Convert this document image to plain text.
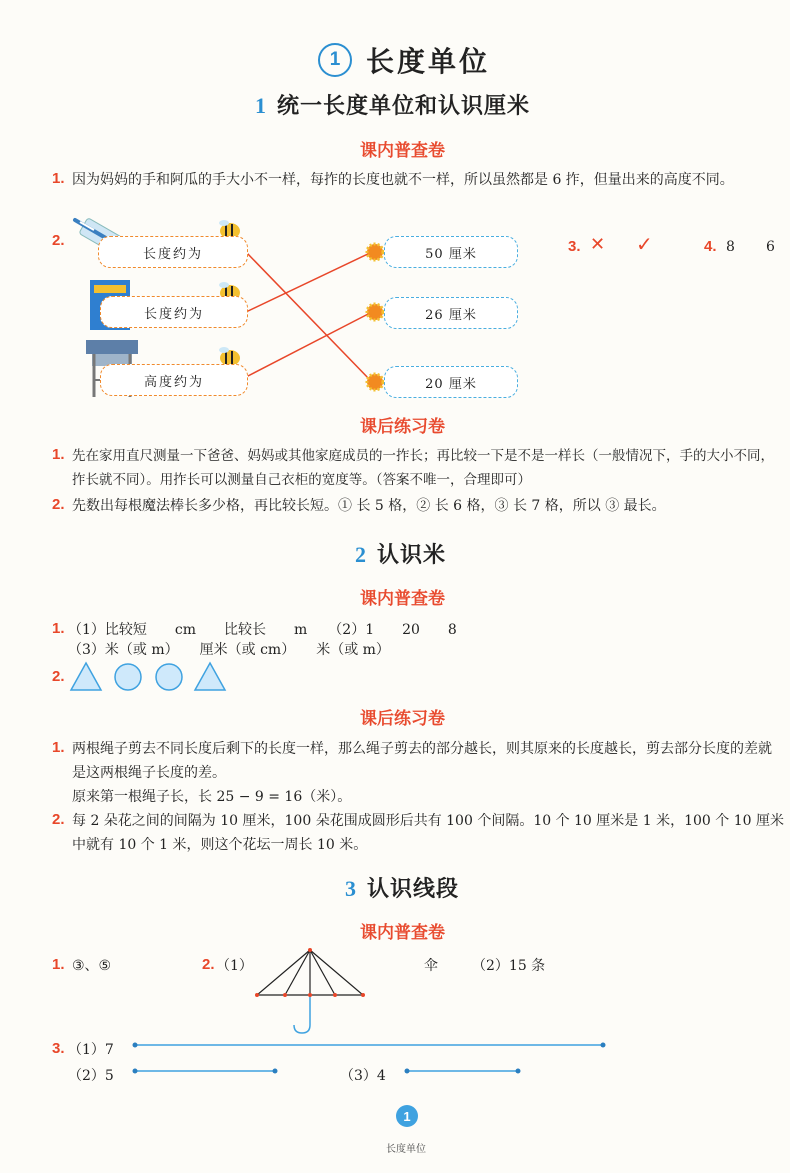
1 长度单位
1 统一长度单位和认识厘米
课内普查卷
1. 因为妈妈的手和阿瓜的手大小不一样，每拃的长度也就不一样，所以虽然都是 6 拃，但量出来的高度不同。
2.
长度约为
长度约为
高度约为
50 厘米
26 厘米
20 厘米
3. ✕ ✓	4. 8 6
课后练习卷
1. 先在家用直尺测量一下爸爸、妈妈或其他家庭成员的一拃长；再比较一下是不是一样长（一般情况下，手的大小不同，拃长就不同）。用拃长可以测量自己衣柜的宽度等。（答案不唯一，合理即可）
2. 先数出每根魔法棒长多少格，再比较长短。① 长 5 格，② 长 6 格，③ 长 7 格，所以 ③ 最长。
2 认识米
课内普查卷
1. （1）比较短　　cm　　比较长　　m　　（2）1　　20　　8
（3）米（或 m）　　厘米（或 cm）　　米（或 m）
2.
课后练习卷
1. 两根绳子剪去不同长度后剩下的长度一样，那么绳子剪去的部分越长，则其原来的长度越长，剪去部分长度的差就是这两根绳子长度的差。
原来第一根绳子长，长 25 − 9 = 16（米）。
2. 每 2 朵花之间的间隔为 10 厘米，100 朵花围成圆形后共有 100 个间隔。10 个 10 厘米是 1 米，100 个 10 厘米中就有 10 个 1 米，则这个花坛一周长 10 米。
3 认识线段
课内普查卷
1. ③、⑤	2. （1）	伞 （2）15 条
3. （1）7
（2）5	（3）4
1
长度单位
